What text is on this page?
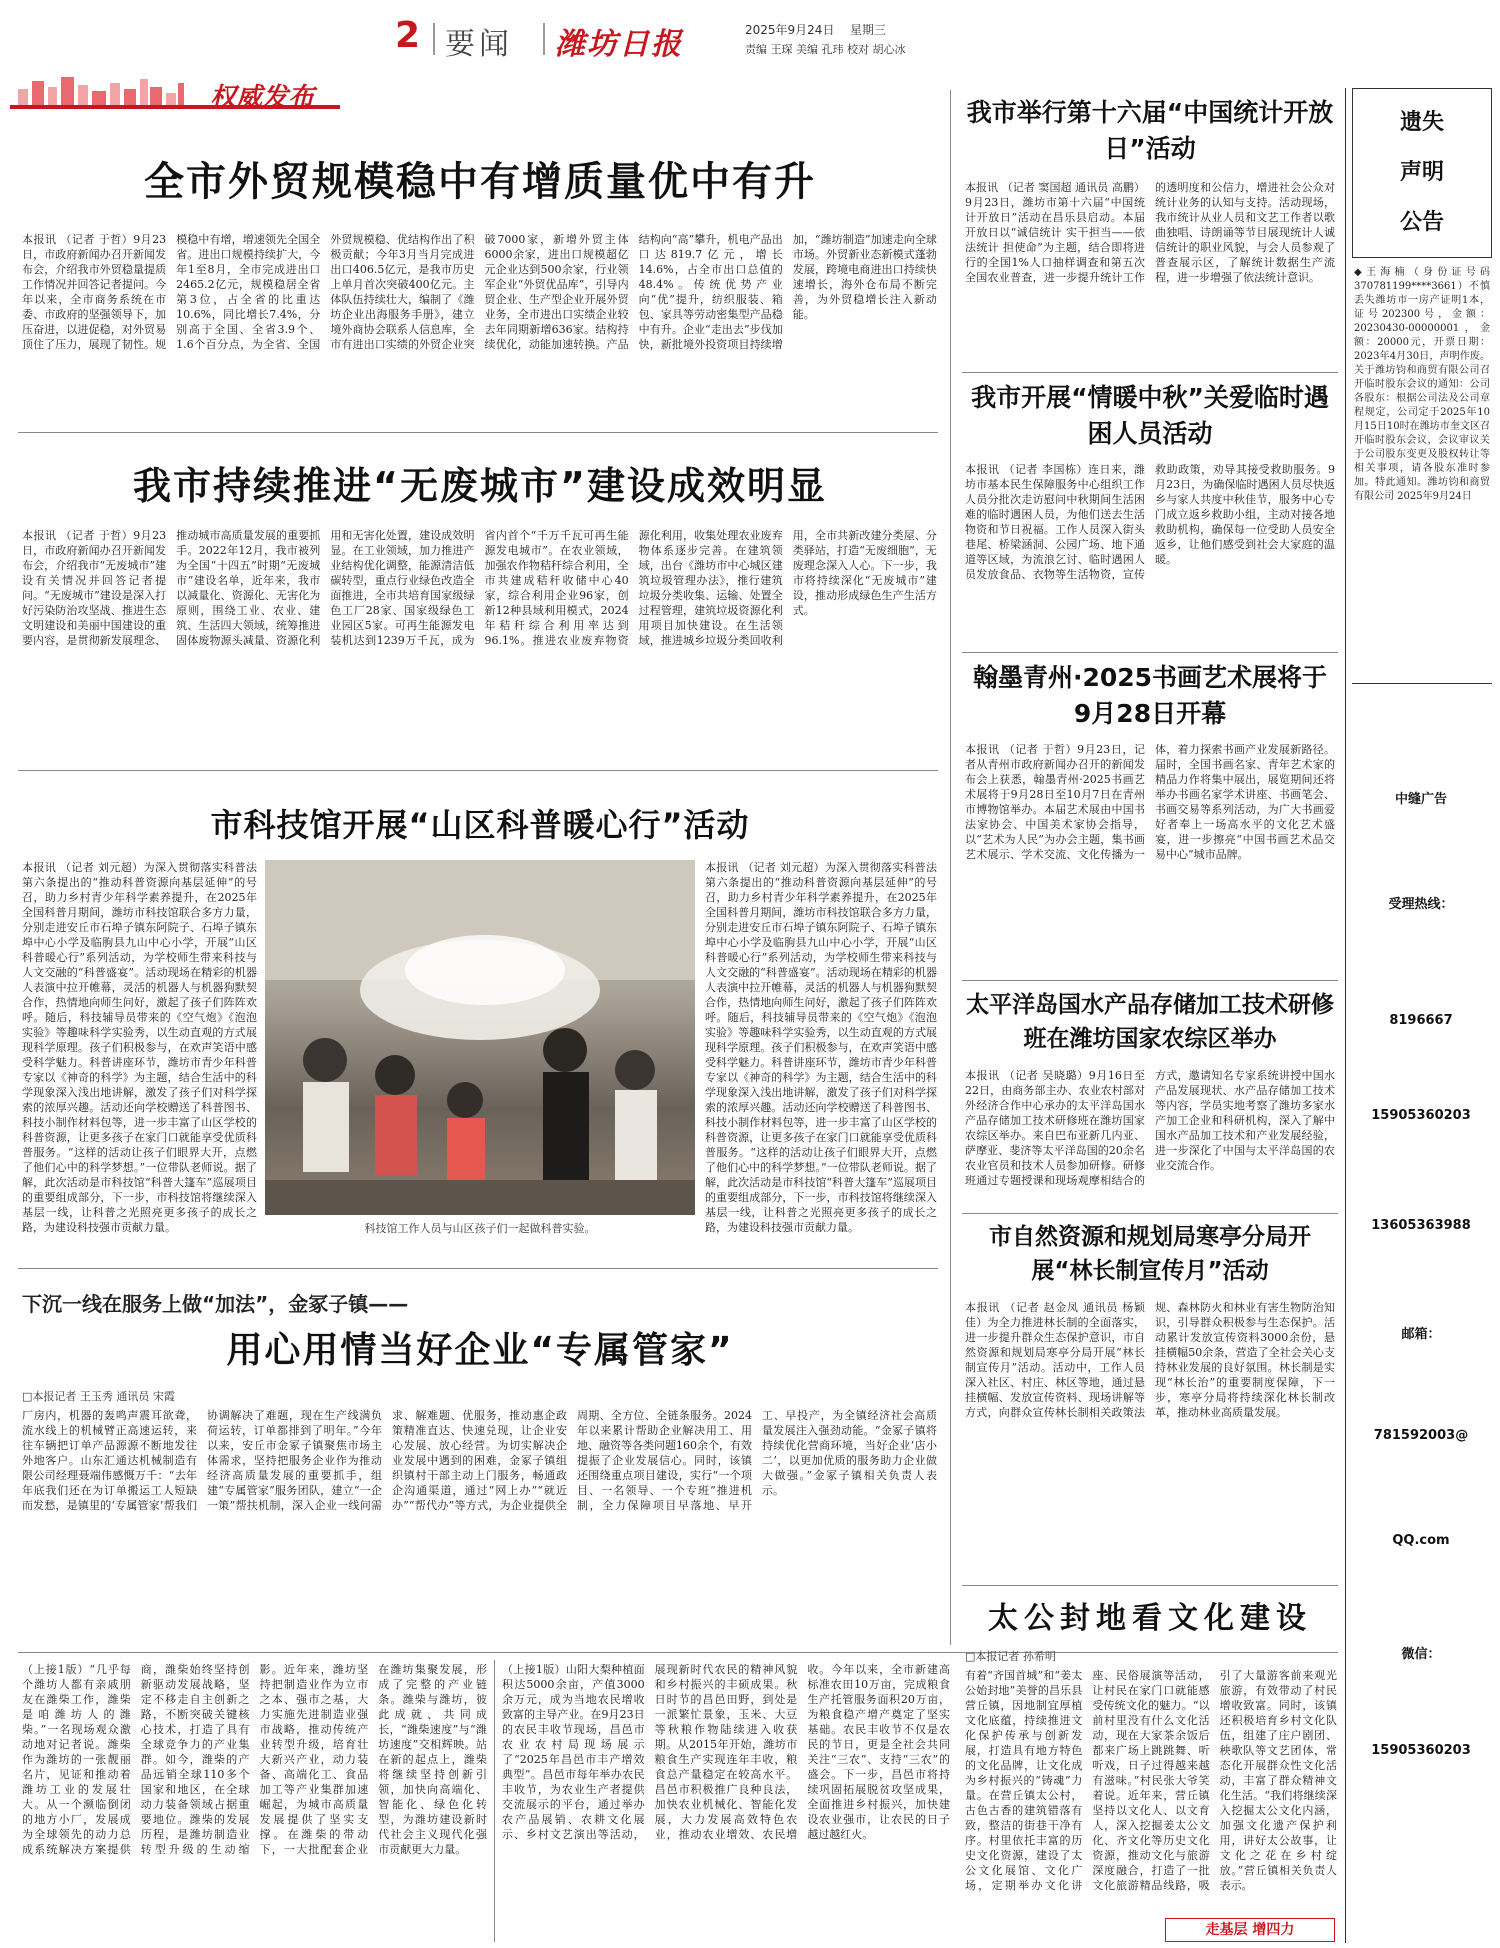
2 要闻 潍坊日报	2025年9月24日 星期三
责编 王琛 美编 孔玮 校对 胡心冰
权威发布
全市外贸规模稳中有增质量优中有升
本报讯 （记者 于哲）9月23日，市政府新闻办召开新闻发布会，介绍我市外贸稳量提质工作情况并回答记者提问。今年以来，全市商务系统在市委、市政府的坚强领导下，加压奋进，以进促稳，对外贸易顶住了压力，展现了韧性。规模稳中有增，增速领先全国全省。进出口规模持续扩大，今年1至8月，全市完成进出口2465.2亿元，规模稳居全省第3位，占全省的比重达10.6%，同比增长7.4%，分别高于全国、全省3.9个、1.6个百分点，为全省、全国外贸规模稳、优结构作出了积极贡献；今年3月当月完成进出口406.5亿元，是我市历史上单月首次突破400亿元。主体队伍持续壮大，编制了《潍坊企业出海服务手册》，建立境外商协会联系人信息库，全市有进出口实绩的外贸企业突破7000家，新增外贸主体6000余家，进出口规模超亿元企业达到500余家，行业领军企业“外贸优品库”，引导内贸企业、生产型企业开展外贸业务，全市进出口实绩企业较去年同期新增636家。结构持续优化，动能加速转换。产品结构向“高”攀升，机电产品出口达819.7亿元，增长14.6%，占全市出口总值的48.4%。传统优势产业向“优”提升，纺织服装、箱包、家具等劳动密集型产品稳中有升。企业“走出去”步伐加快，新批境外投资项目持续增加，“潍坊制造”加速走向全球市场。外贸新业态新模式蓬勃发展，跨境电商进出口持续快速增长，海外仓布局不断完善，为外贸稳增长注入新动能。
我市持续推进“无废城市”建设成效明显
本报讯 （记者 于哲）9月23日，市政府新闻办召开新闻发布会，介绍我市“无废城市”建设有关情况并回答记者提问。“无废城市”建设是深入打好污染防治攻坚战、推进生态文明建设和美丽中国建设的重要内容，是贯彻新发展理念、推动城市高质量发展的重要抓手。2022年12月，我市被列为全国“十四五”时期“无废城市”建设名单，近年来，我市以减量化、资源化、无害化为原则，围绕工业、农业、建筑、生活四大领域，统筹推进固体废物源头减量、资源化利用和无害化处置，建设成效明显。在工业领域，加力推进产业结构优化调整，能源清洁低碳转型，重点行业绿色改造全面推进，全市共培育国家级绿色工厂28家、国家级绿色工业园区5家。可再生能源发电装机达到1239万千瓦，成为省内首个“千万千瓦可再生能源发电城市”。在农业领域，加强农作物秸秆综合利用，全市共建成秸秆收储中心40家，综合利用企业96家，创新12种县域利用模式，2024年秸秆综合利用率达到96.1%。推进农业废弃物资源化利用，收集处理农业废弃物体系逐步完善。在建筑领域，出台《潍坊市中心城区建筑垃圾管理办法》，推行建筑垃圾分类收集、运输、处置全过程管理，建筑垃圾资源化利用项目加快建设。在生活领域，推进城乡垃圾分类回收利用，全市共新改建分类屋、分类驿站，打造“无废细胞”，无废理念深入人心。下一步，我市将持续深化“无废城市”建设，推动形成绿色生产生活方式。
市科技馆开展“山区科普暖心行”活动
本报讯 （记者 刘元超）为深入贯彻落实科普法第六条提出的“推动科普资源向基层延伸”的号召，助力乡村青少年科学素养提升，在2025年全国科普月期间，潍坊市科技馆联合多方力量，分别走进安丘市石埠子镇东阿院子、石埠子镇东埠中心小学及临朐县九山中心小学，开展“山区科普暖心行”系列活动，为学校师生带来科技与人文交融的“科普盛宴”。活动现场在精彩的机器人表演中拉开帷幕，灵活的机器人与机器狗默契合作，热情地向师生问好，激起了孩子们阵阵欢呼。随后，科技辅导员带来的《空气炮》《泡泡实验》等趣味科学实验秀，以生动直观的方式展现科学原理。孩子们积极参与，在欢声笑语中感受科学魅力。科普讲座环节，潍坊市青少年科普专家以《神奇的科学》为主题，结合生活中的科学现象深入浅出地讲解，激发了孩子们对科学探索的浓厚兴趣。活动还向学校赠送了科普图书、科技小制作材料包等，进一步丰富了山区学校的科普资源，让更多孩子在家门口就能享受优质科普服务。“这样的活动让孩子们眼界大开，点燃了他们心中的科学梦想。”一位带队老师说。据了解，此次活动是市科技馆“科普大篷车”巡展项目的重要组成部分，下一步，市科技馆将继续深入基层一线，让科普之光照亮更多孩子的成长之路，为建设科技强市贡献力量。	科技馆工作人员与山区孩子们一起做科普实验。
本报讯 （记者 刘元超）为深入贯彻落实科普法第六条提出的“推动科普资源向基层延伸”的号召，助力乡村青少年科学素养提升，在2025年全国科普月期间，潍坊市科技馆联合多方力量，分别走进安丘市石埠子镇东阿院子、石埠子镇东埠中心小学及临朐县九山中心小学，开展“山区科普暖心行”系列活动，为学校师生带来科技与人文交融的“科普盛宴”。活动现场在精彩的机器人表演中拉开帷幕，灵活的机器人与机器狗默契合作，热情地向师生问好，激起了孩子们阵阵欢呼。随后，科技辅导员带来的《空气炮》《泡泡实验》等趣味科学实验秀，以生动直观的方式展现科学原理。孩子们积极参与，在欢声笑语中感受科学魅力。科普讲座环节，潍坊市青少年科普专家以《神奇的科学》为主题，结合生活中的科学现象深入浅出地讲解，激发了孩子们对科学探索的浓厚兴趣。活动还向学校赠送了科普图书、科技小制作材料包等，进一步丰富了山区学校的科普资源，让更多孩子在家门口就能享受优质科普服务。“这样的活动让孩子们眼界大开，点燃了他们心中的科学梦想。”一位带队老师说。据了解，此次活动是市科技馆“科普大篷车”巡展项目的重要组成部分，下一步，市科技馆将继续深入基层一线，让科普之光照亮更多孩子的成长之路，为建设科技强市贡献力量。
下沉一线在服务上做“加法”，金冢子镇——
用心用情当好企业“专属管家”
□本报记者 王玉秀 通讯员 宋霞
厂房内，机器的轰鸣声震耳欲聋，流水线上的机械臂正高速运转，来往车辆把订单产品源源不断地发往外地客户。山东汇通达机械制造有限公司经理聂端伟感慨万千：“去年年底我们还在为订单搬运工人短缺而发愁，是镇里的‘专属管家’帮我们协调解决了难题，现在生产线满负荷运转，订单都排到了明年。”今年以来，安丘市金冢子镇聚焦市场主体需求，坚持把服务企业作为推动经济高质量发展的重要抓手，组建“专属管家”服务团队，建立“一企一策”帮扶机制，深入企业一线问需求、解难题、优服务，推动惠企政策精准直达、快速兑现，让企业安心发展、放心经营。为切实解决企业发展中遇到的困难，金冢子镇组织镇村干部主动上门服务，畅通政企沟通渠道，通过“网上办”“就近办”“帮代办”等方式，为企业提供全周期、全方位、全链条服务。2024年以来累计帮助企业解决用工、用地、融资等各类问题160余个，有效提振了企业发展信心。同时，该镇还围绕重点项目建设，实行“一个项目、一名领导、一个专班”推进机制，全力保障项目早落地、早开工、早投产，为全镇经济社会高质量发展注入强劲动能。“金冢子镇将持续优化营商环境，当好企业‘店小二’，以更加优质的服务助力企业做大做强。”金冢子镇相关负责人表示。
我市举行第十六届“中国统计开放日”活动
本报讯 （记者 窦国超 通讯员 高鹏）9月23日，潍坊市第十六届“中国统计开放日”活动在昌乐县启动。本届开放日以“诚信统计 实干担当——依法统计 担使命”为主题，结合即将进行的全国1%人口抽样调查和第五次全国农业普查，进一步提升统计工作的透明度和公信力，增进社会公众对统计业务的认知与支持。活动现场，我市统计从业人员和文艺工作者以歌曲独唱、诗朗诵等节目展现统计人诚信统计的职业风貌，与会人员参观了普查展示区，了解统计数据生产流程，进一步增强了依法统计意识。
我市开展“情暖中秋”关爱临时遇困人员活动
本报讯 （记者 李国栋）连日来，潍坊市基本民生保障服务中心组织工作人员分批次走访慰问中秋期间生活困难的临时遇困人员，为他们送去生活物资和节日祝福。工作人员深入街头巷尾、桥梁涵洞、公园广场、地下通道等区域，为流浪乞讨、临时遇困人员发放食品、衣物等生活物资，宣传救助政策，劝导其接受救助服务。9月23日，为确保临时遇困人员尽快返乡与家人共度中秋佳节，服务中心专门成立返乡救助小组，主动对接各地救助机构，确保每一位受助人员安全返乡，让他们感受到社会大家庭的温暖。
翰墨青州·2025书画艺术展将于9月28日开幕
本报讯 （记者 于哲）9月23日，记者从青州市政府新闻办召开的新闻发布会上获悉，翰墨青州·2025书画艺术展将于9月28日至10月7日在青州市博物馆举办。本届艺术展由中国书法家协会、中国美术家协会指导，以“艺术为人民”为办会主题，集书画艺术展示、学术交流、文化传播为一体，着力探索书画产业发展新路径。届时，全国书画名家、青年艺术家的精品力作将集中展出，展览期间还将举办书画名家学术讲座、书画笔会、书画交易等系列活动，为广大书画爱好者奉上一场高水平的文化艺术盛宴，进一步擦亮“中国书画艺术品交易中心”城市品牌。
太平洋岛国水产品存储加工技术研修班在潍坊国家农综区举办
本报讯 （记者 吴晓璐）9月16日至22日，由商务部主办、农业农村部对外经济合作中心承办的太平洋岛国水产品存储加工技术研修班在潍坊国家农综区举办。来自巴布亚新几内亚、萨摩亚、斐济等太平洋岛国的20余名农业官员和技术人员参加研修。研修班通过专题授课和现场观摩相结合的方式，邀请知名专家系统讲授中国水产品发展现状、水产品存储加工技术等内容，学员实地考察了潍坊多家水产加工企业和科研机构，深入了解中国水产品加工技术和产业发展经验，进一步深化了中国与太平洋岛国的农业交流合作。
市自然资源和规划局寒亭分局开展“林长制宣传月”活动
本报讯 （记者 赵金凤 通讯员 杨颖佳）为全力推进林长制的全面落实，进一步提升群众生态保护意识，市自然资源和规划局寒亭分局开展“林长制宣传月”活动。活动中，工作人员深入社区、村庄、林区等地，通过悬挂横幅、发放宣传资料、现场讲解等方式，向群众宣传林长制相关政策法规、森林防火和林业有害生物防治知识，引导群众积极参与生态保护。活动累计发放宣传资料3000余份，悬挂横幅50余条，营造了全社会关心支持林业发展的良好氛围。林长制是实现“林长治”的重要制度保障，下一步，寒亭分局将持续深化林长制改革，推动林业高质量发展。
太公封地看文化建设
□本报记者 孙希明
有着“齐国首城”和“姜太公始封地”美誉的昌乐县营丘镇，因地制宜厚植文化底蕴，持续推进文化保护传承与创新发展，打造具有地方特色的文化品牌，让文化成为乡村振兴的“铸魂”力量。在营丘镇太公村，古色古香的建筑错落有致，整洁的街巷干净有序。村里依托丰富的历史文化资源，建设了太公文化展馆、文化广场，定期举办文化讲座、民俗展演等活动，让村民在家门口就能感受传统文化的魅力。“以前村里没有什么文化活动，现在大家茶余饭后都来广场上跳跳舞、听听戏，日子过得越来越有滋味。”村民张大爷笑着说。近年来，营丘镇坚持以文化人、以文育人，深入挖掘姜太公文化、齐文化等历史文化资源，推动文化与旅游深度融合，打造了一批文化旅游精品线路，吸引了大量游客前来观光旅游，有效带动了村民增收致富。同时，该镇还积极培育乡村文化队伍，组建了庄户剧团、秧歌队等文艺团体，常态化开展群众性文化活动，丰富了群众精神文化生活。“我们将继续深入挖掘太公文化内涵，加强文化遗产保护利用，讲好太公故事，让文化之花在乡村绽放。”营丘镇相关负责人表示。
走基层 增四力
（上接1版）“几乎每个潍坊人都有亲戚朋友在潍柴工作，潍柴是咱潍坊人的潍柴。”一名现场观众激动地对记者说。潍柴作为潍坊的一张靓丽名片，见证和推动着潍坊工业的发展壮大。从一个濒临倒闭的地方小厂，发展成为全球领先的动力总成系统解决方案提供商，潍柴始终坚持创新驱动发展战略，坚定不移走自主创新之路，不断突破关键核心技术，打造了具有全球竞争力的产业集群。如今，潍柴的产品远销全球110多个国家和地区，在全球动力装备领域占据重要地位。潍柴的发展历程，是潍坊制造业转型升级的生动缩影。近年来，潍坊坚持把制造业作为立市之本、强市之基，大力实施先进制造业强市战略，推动传统产业转型升级，培育壮大新兴产业，动力装备、高端化工、食品加工等产业集群加速崛起，为城市高质量发展提供了坚实支撑。在潍柴的带动下，一大批配套企业在潍坊集聚发展，形成了完整的产业链条。潍柴与潍坊，彼此成就、共同成长，“潍柴速度”与“潍坊速度”交相辉映。站在新的起点上，潍柴将继续坚持创新引领，加快向高端化、智能化、绿色化转型，为潍坊建设新时代社会主义现代化强市贡献更大力量。
（上接1版）山阳大梨种植面积达5000余亩，产值3000余万元，成为当地农民增收致富的主导产业。在9月23日的农民丰收节现场，昌邑市农业农村局现场展示了“2025年昌邑市丰产增效典型”。昌邑市每年举办农民丰收节，为农业生产者提供交流展示的平台，通过举办农产品展销、农耕文化展示、乡村文艺演出等活动，展现新时代农民的精神风貌和乡村振兴的丰硕成果。秋日时节的昌邑田野，到处是一派繁忙景象，玉米、大豆等秋粮作物陆续进入收获期。从2015年开始，潍坊市粮食生产实现连年丰收，粮食总产量稳定在较高水平。昌邑市积极推广良种良法，加快农业机械化、智能化发展，大力发展高效特色农业，推动农业增效、农民增收。今年以来，全市新建高标准农田10万亩，完成粮食生产托管服务面积20万亩，为粮食稳产增产奠定了坚实基础。农民丰收节不仅是农民的节日，更是全社会共同关注“三农”、支持“三农”的盛会。下一步，昌邑市将持续巩固拓展脱贫攻坚成果，全面推进乡村振兴，加快建设农业强市，让农民的日子越过越红火。
遗失
声明
公告
◆王海楠（身份证号码370781199****3661）不慎丢失潍坊市一房产证明1本，证号202300号，金额：20230430-00000001，金额：20000元，开票日期：2023年4月30日，声明作废。关于潍坊钧和商贸有限公司召开临时股东会议的通知：公司各股东：根据公司法及公司章程规定，公司定于2025年10月15日10时在潍坊市奎文区召开临时股东会议，会议审议关于公司股东变更及股权转让等相关事项，请各股东准时参加。特此通知。潍坊钧和商贸有限公司 2025年9月24日
中缝广告
受理热线：
8196667
15905360203
13605363988
邮箱：
781592003@
QQ.com
微信：
15905360203
